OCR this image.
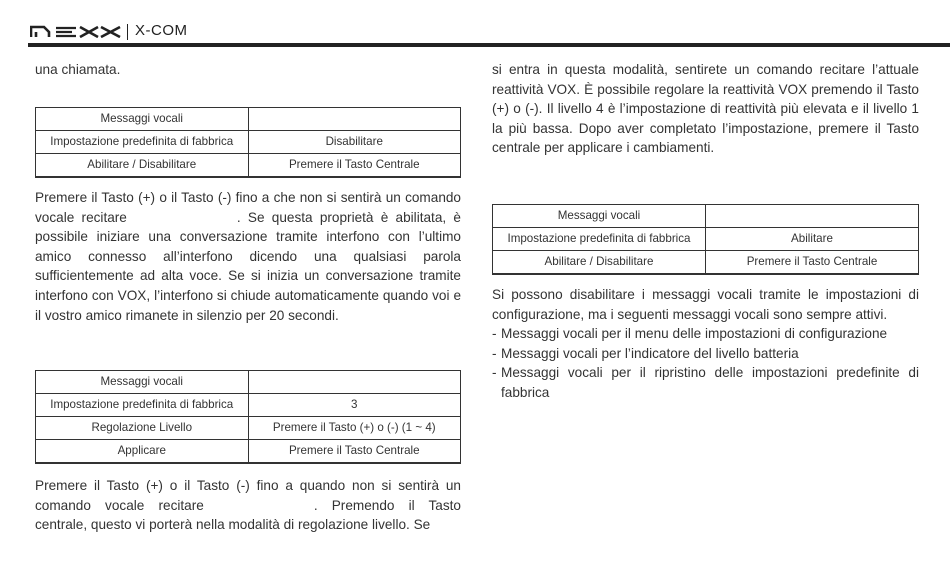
X-COM

una chiamata.

Messaggi vocali	
Impostazione predefinita di fabbrica	Disabilitare
Abilitare / Disabilitare	Premere il Tasto Centrale

Premere il Tasto (+) o il Tasto (-) fino a che non si sentirà un comando vocale recitare	. Se questa proprietà è abilitata, è possibile iniziare una conversazione tramite interfono con l’ultimo amico connesso all’interfono dicendo una qualsiasi parola sufficientemente ad alta voce. Se si inizia un conversazione tramite interfono con VOX, l’interfono si chiude automaticamente quando voi e il vostro amico rimanete in silenzio per 20 secondi.

Messaggi vocali	
Impostazione predefinita di fabbrica	3
Regolazione Livello	Premere il Tasto (+) o (-) (1 ~ 4)
Applicare	Premere il Tasto Centrale

Premere il Tasto (+) o il Tasto (-) fino a quando non si sentirà un comando vocale recitare	. Premendo il Tasto centrale, questo vi porterà nella modalità di regolazione livello. Se

si entra in questa modalità, sentirete un comando recitare l’attuale reattività VOX. È possibile regolare la reattività VOX premendo il Tasto (+) o (-). Il livello 4 è l’impostazione di reattività più elevata e il livello 1 la più bassa. Dopo aver completato l’impostazione, premere il Tasto centrale per applicare i cambiamenti.

Messaggi vocali	
Impostazione predefinita di fabbrica	Abilitare
Abilitare / Disabilitare	Premere il Tasto Centrale

Si possono disabilitare i messaggi vocali tramite le impostazioni di configurazione, ma i seguenti messaggi vocali sono sempre attivi.

- Messaggi vocali per il menu delle impostazioni di configurazione
- Messaggi vocali per l’indicatore del livello batteria
- Messaggi vocali per il ripristino delle impostazioni predefinite di fabbrica
